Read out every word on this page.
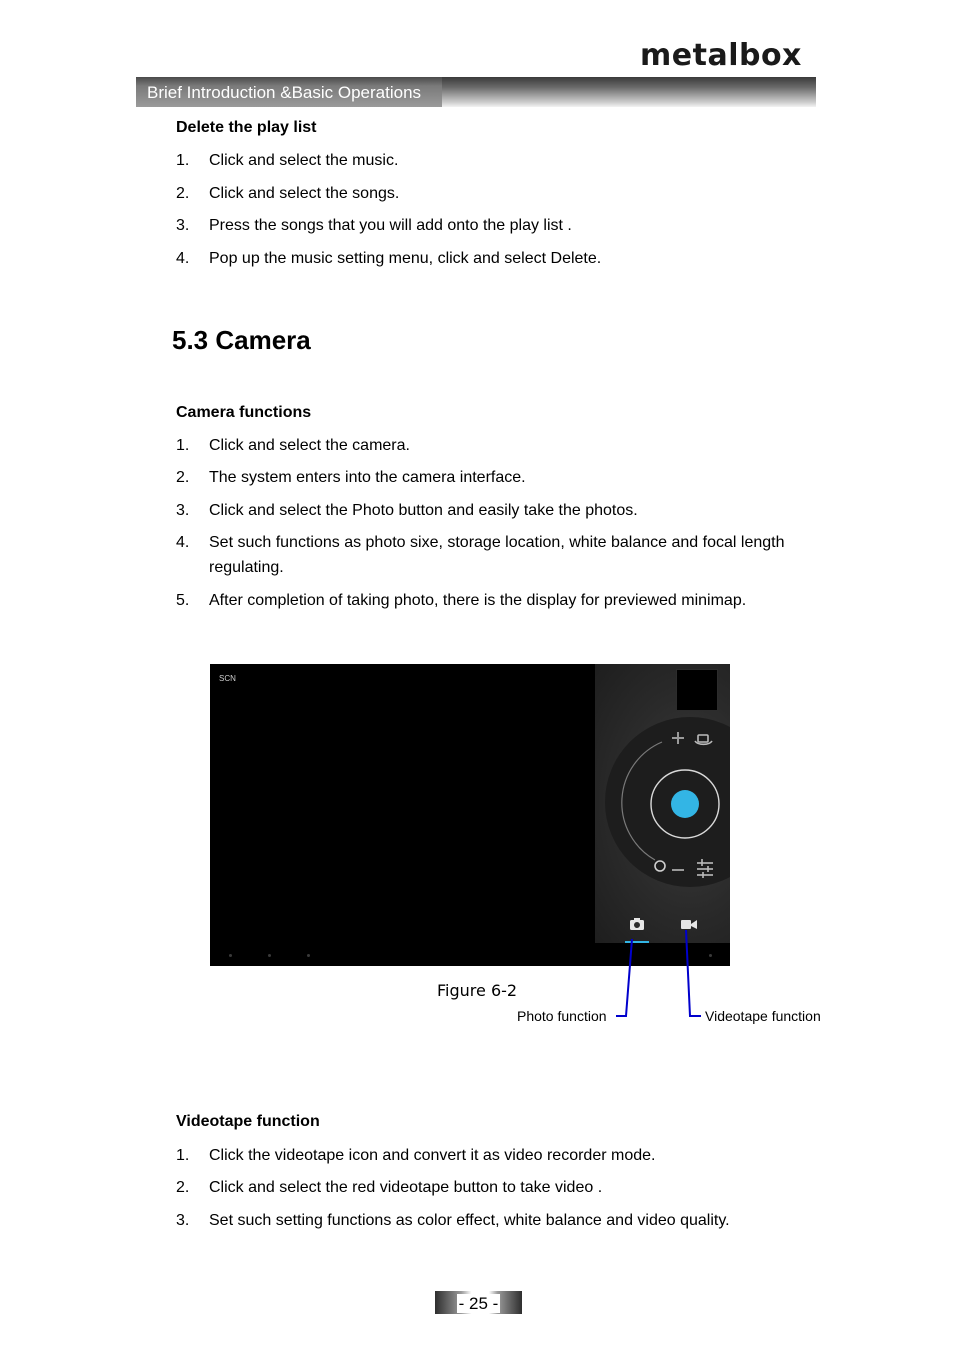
metalbox
Brief Introduction &Basic Operations
Delete the play list
1. Click and select the music.
2. Click and select the songs.
3. Press the songs that you will add onto the play list .
4. Pop up the music setting menu, click and select Delete.
5.3 Camera
Camera functions
1. Click and select the camera.
2. The system enters into the camera interface.
3. Click and select the Photo button and easily take the photos.
4. Set such functions as photo sixe, storage location, white balance and focal length regulating.
5. After completion of taking photo, there is the display for previewed minimap.
SCN
Figure 6-2
Photo function	Videotape function
Videotape function
1. Click the videotape icon and convert it as video recorder mode.
2. Click and select the red videotape button to take video .
3. Set such setting functions as color effect, white balance and video quality.
- 25 -
